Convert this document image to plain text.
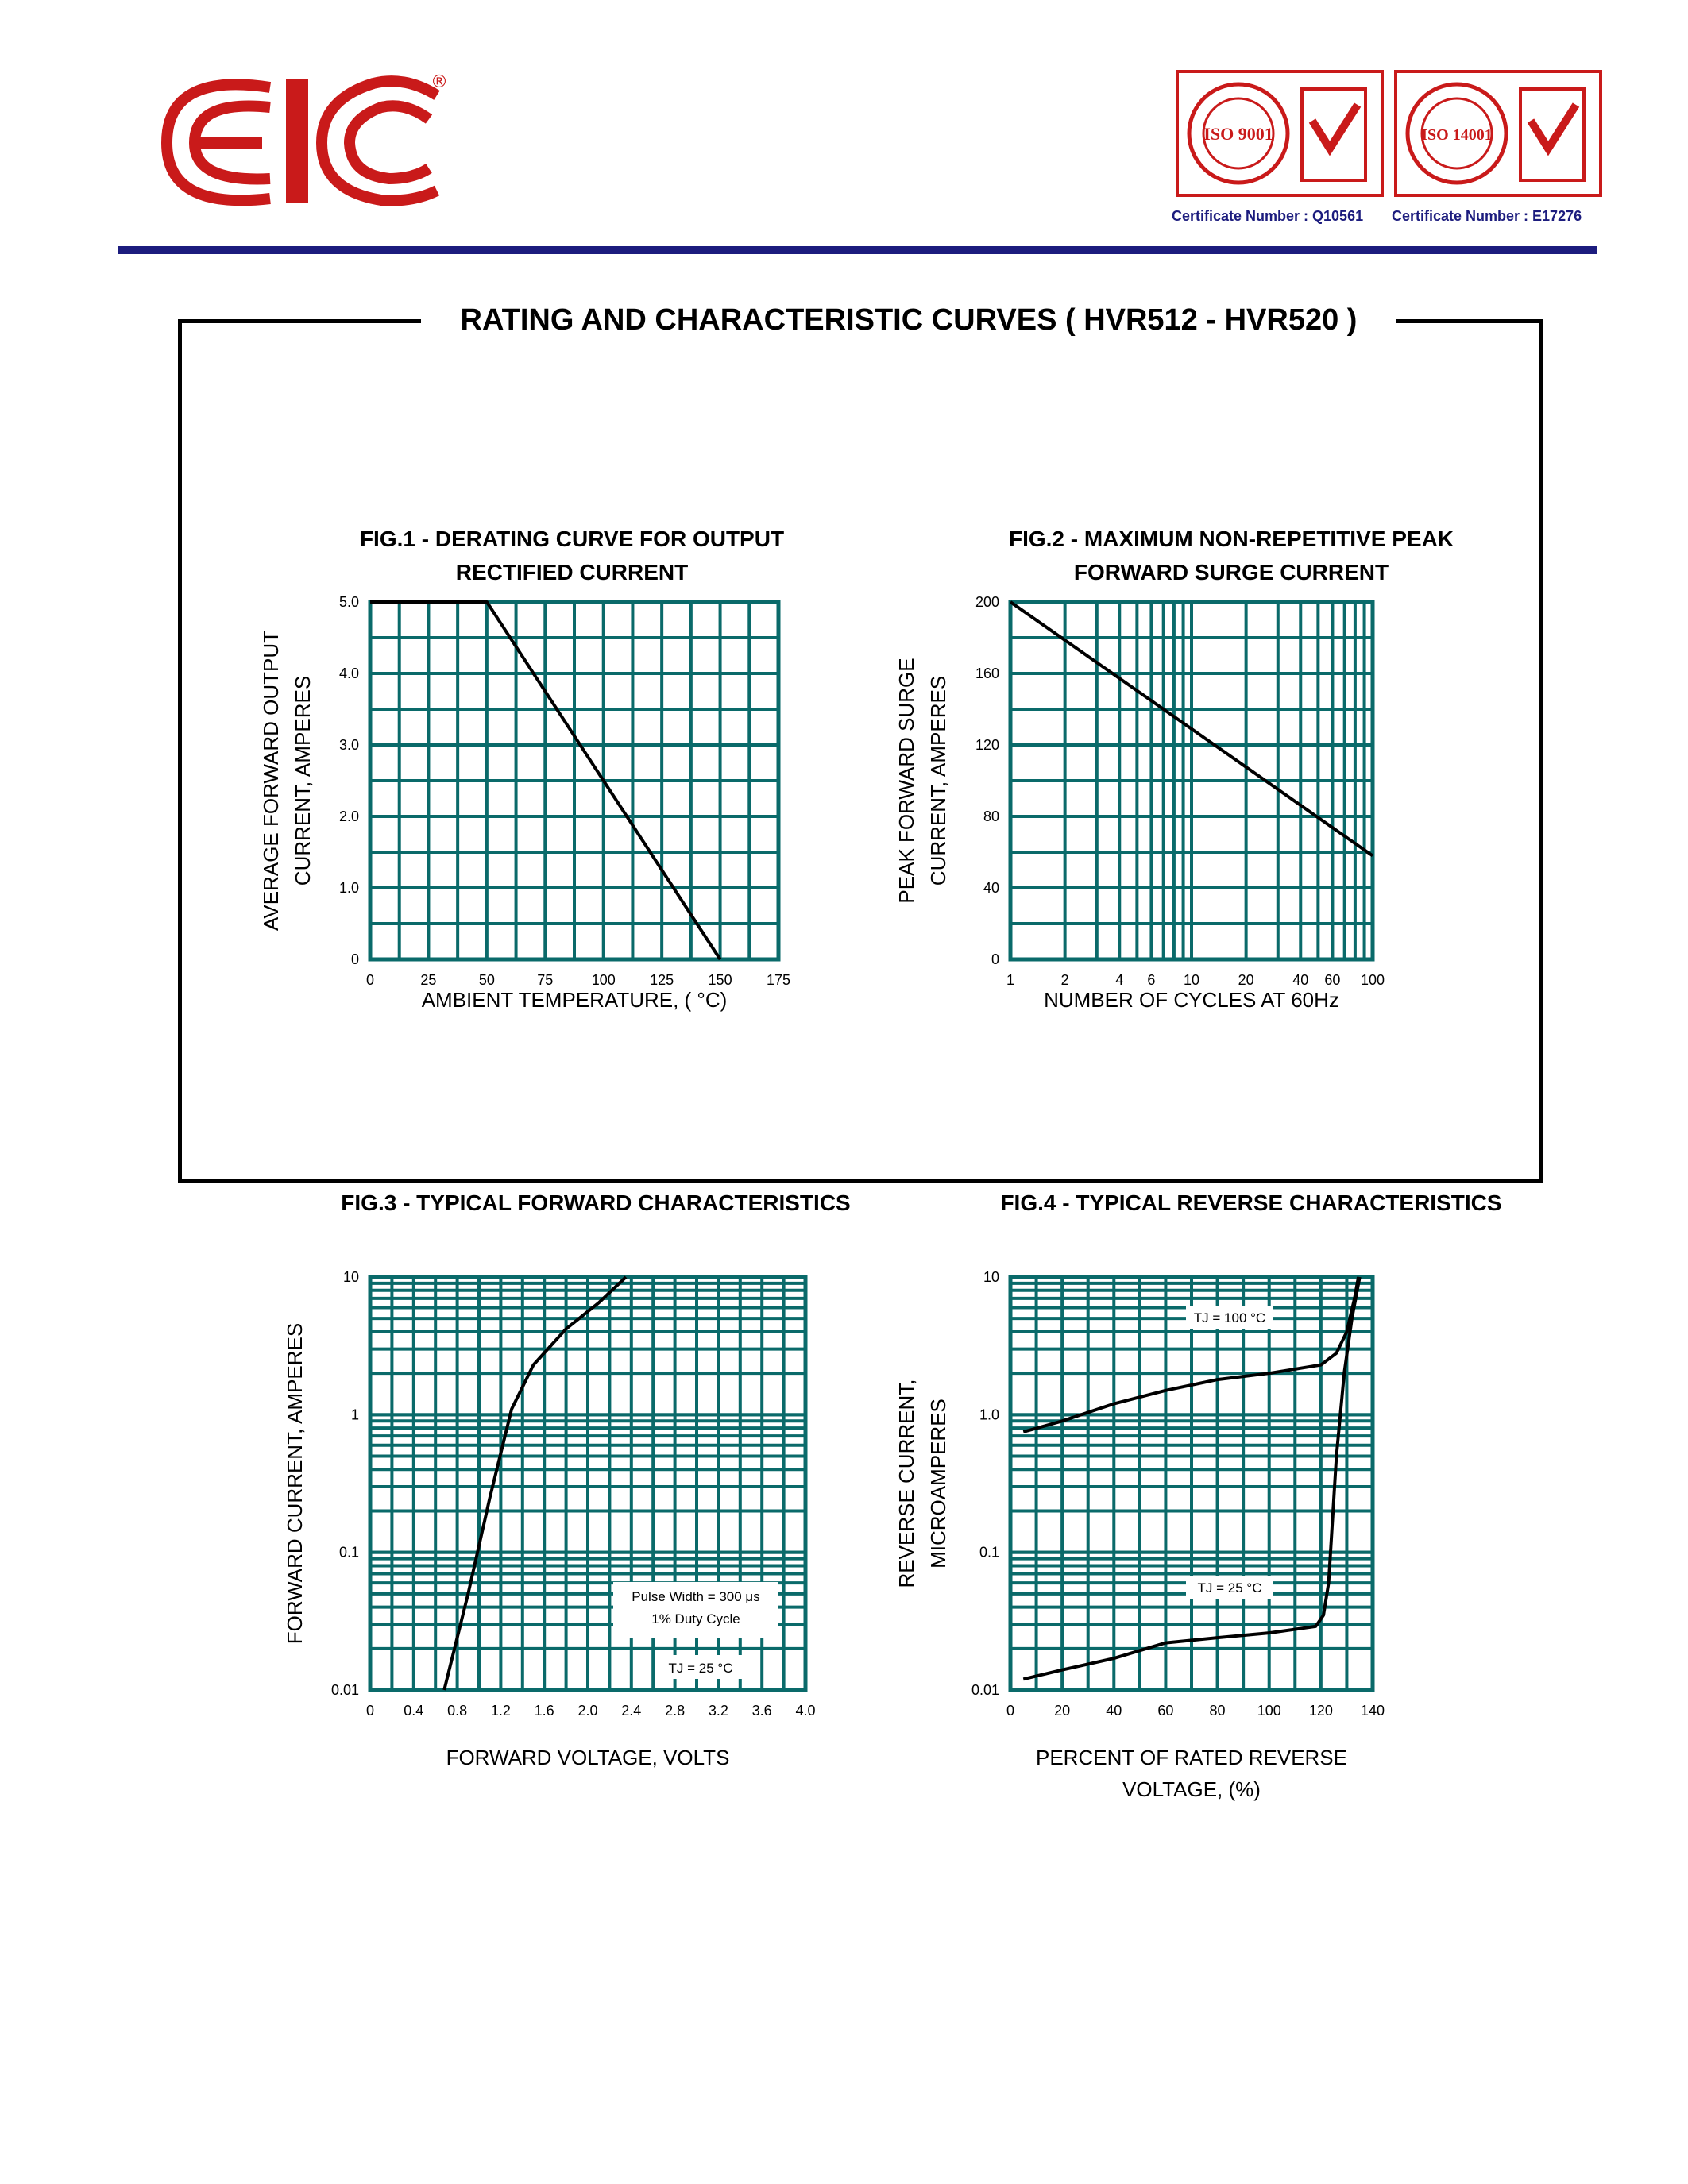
®
ISO 9001	ISO 14001
Certificate Number : Q10561 Certificate Number : E17276
RATING AND CHARACTERISTIC CURVES ( HVR512 - HVR520 )
FIG.1 - DERATING CURVE FOR OUTPUT
RECTIFIED CURRENT
FIG.2 - MAXIMUM NON-REPETITIVE PEAK
FORWARD SURGE CURRENT
FIG.3 - TYPICAL FORWARD CHARACTERISTICS	FIG.4 - TYPICAL REVERSE CHARACTERISTICS
0	25	50	75	100 125 150 175
0
1.0
2.0
3.0
4.0
5.0
AMBIENT TEMPERATURE, ( °C)
AVERAGE FORWARD OUTPUT CURRENT, AMPERES
1	2	4 6 10	20	40 60 100
0
40
80
120
160
200
NUMBER OF CYCLES AT 60Hz
PEAK FORWARD SURGE CURRENT, AMPERES
0 0.4 0.8 1.2 1.6 2.0 2.4 2.8 3.2 3.6 4.0
0.01
0.1
1
10
FORWARD VOLTAGE, VOLTS
FORWARD CURRENT, AMPERES	Pulse Width = 300 μs
1% Duty Cycle
TJ = 25 °C
0	20	40	60	80 100 120 140
0.01
0.1
1.0
10
PERCENT OF RATED REVERSE
VOLTAGE, (%)
REVERSE CURRENT, MICROAMPERES
TJ = 100 °C
TJ = 25 °C
